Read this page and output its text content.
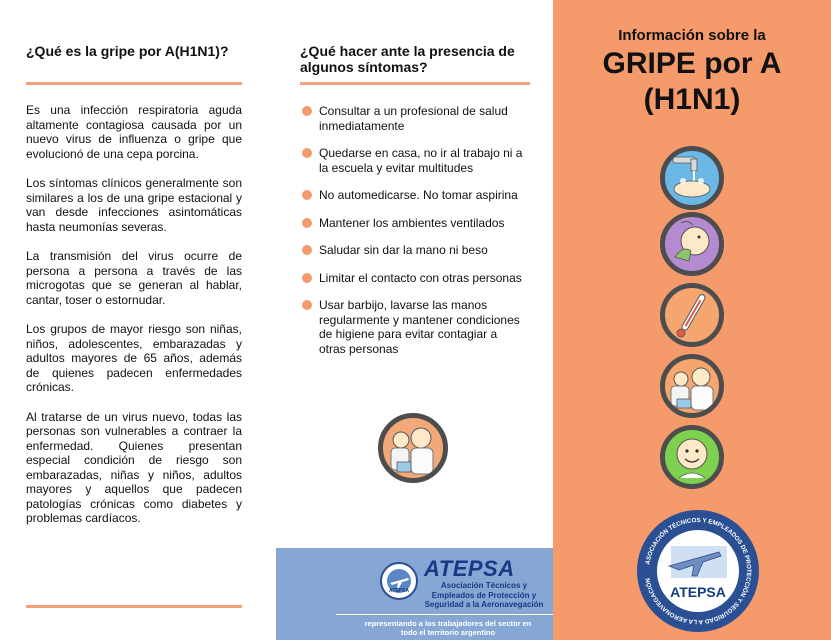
¿Qué es la gripe por A(H1N1)?

Es una infección respiratoria aguda altamente contagiosa causada por un nuevo virus de influenza o gripe que evolucionó de una cepa porcina.

Los síntomas clínicos generalmente son similares a los de una gripe estacional y van desde infecciones asintomáticas hasta neumonías severas.

La transmisión del virus ocurre de persona a persona a través de las microgotas que se generan al hablar, cantar, toser o estornudar.

Los grupos de mayor riesgo son niñas, niños, adolescentes, embarazadas y adultos mayores de 65 años, además de quienes padecen enfermedades crónicas.

Al tratarse de un virus nuevo, todas las personas son vulnerables a contraer la enfermedad. Quienes presentan especial condición de riesgo son embarazadas, niñas y niños, adultos mayores y aquellos que padecen patologías crónicas como diabetes y problemas cardíacos.

¿Qué hacer ante la presencia de algunos síntomas?
Consultar a un profesional de salud inmediatamente
Quedarse en casa, no ir al trabajo ni a la escuela y evitar multitudes
No automedicarse. No tomar aspirina
Mantener los ambientes ventilados
Saludar sin dar la mano ni beso
Limitar el contacto con otras personas
Usar barbijo, lavarse las manos regularmente y mantener condiciones de higiene para evitar contagiar a otras personas
ATEPSA
ATEPSA
Asociación Técnicos y Empleados de Protección y Seguridad a la Aeronavegación
representando a los trabajadores del sector en todo el territorio argentino
Información sobre la
GRIPE por A
(H1N1)
ASOCIACIÓN TÉCNICOS Y EMPLEADOS DE PROTECCIÓN Y SEGURIDAD A LA AERONAVEGACIÓN
ATEPSA
